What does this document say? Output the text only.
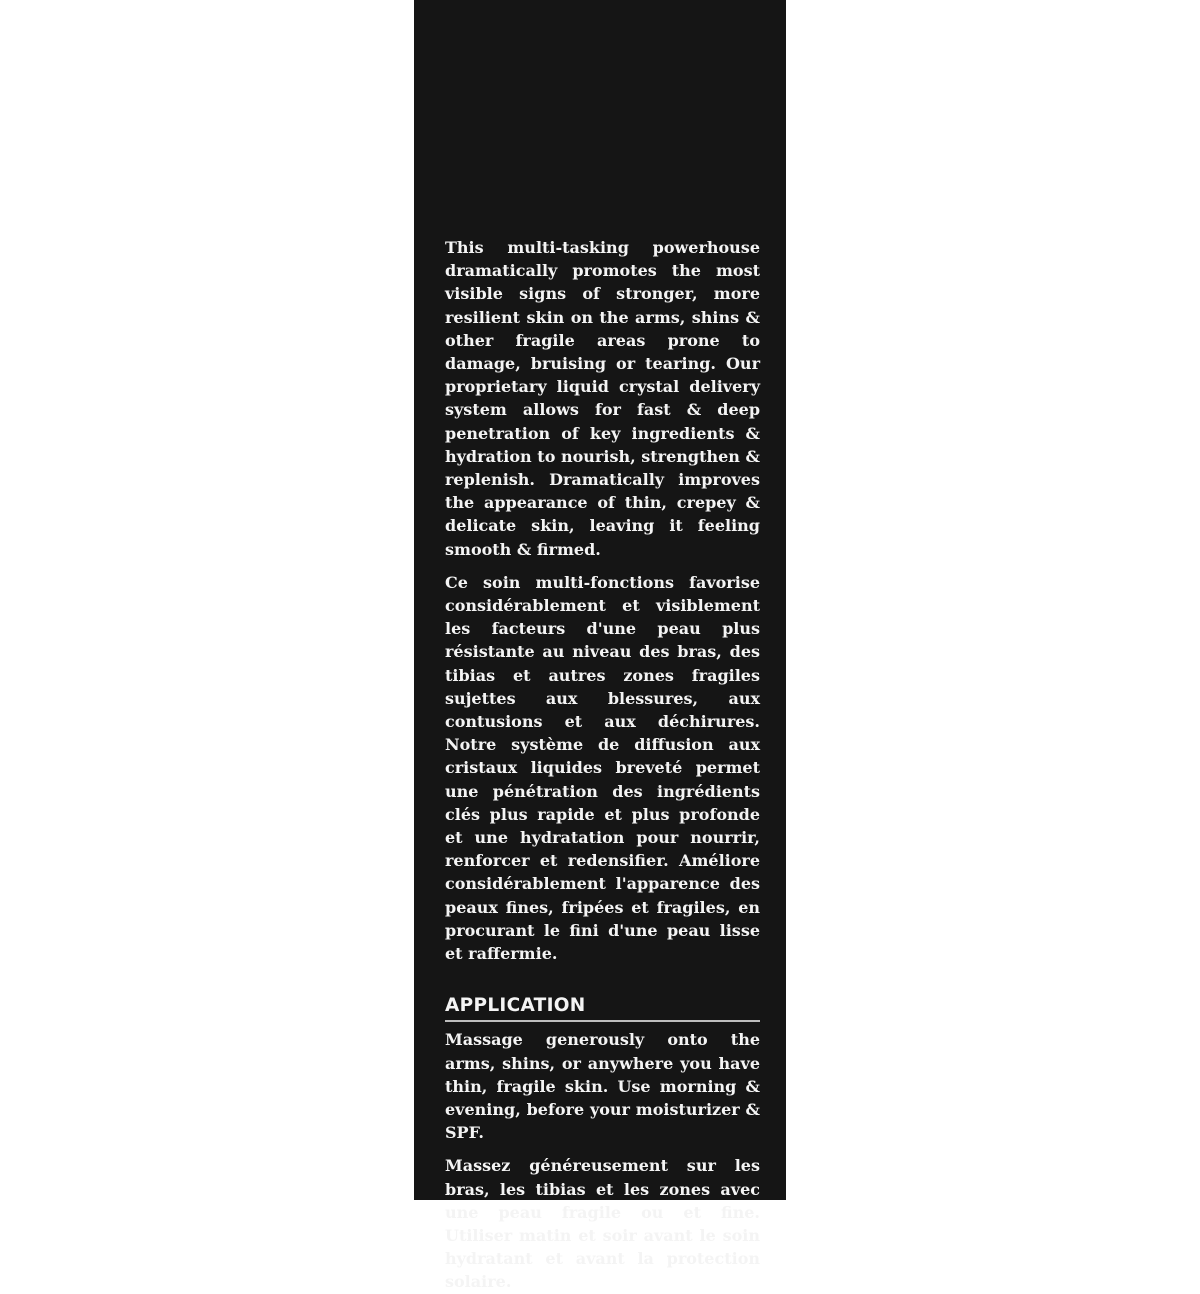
This multi-tasking powerhouse dramatically promotes the most visible signs of stronger, more resilient skin on the arms, shins & other fragile areas prone to damage, bruising or tearing. Our proprietary liquid crystal delivery system allows for fast & deep penetration of key ingredients & hydration to nourish, strengthen & replenish. Dramatically improves the appearance of thin, crepey & delicate skin, leaving it feeling smooth & firmed.

Ce soin multi-fonctions favorise considérablement et visiblement les facteurs d'une peau plus résistante au niveau des bras, des tibias et autres zones fragiles sujettes aux blessures, aux contusions et aux déchirures. Notre système de diffusion aux cristaux liquides breveté permet une pénétration des ingrédients clés plus rapide et plus profonde et une hydratation pour nourrir, renforcer et redensifier. Améliore considérablement l'apparence des peaux fines, fripées et fragiles, en procurant le fini d'une peau lisse et raffermie.

APPLICATION

Massage generously onto the arms, shins, or anywhere you have thin, fragile skin. Use morning & evening, before your moisturizer & SPF.

Massez généreusement sur les bras, les tibias et les zones avec une peau fragile ou et fine. Utiliser matin et soir avant le soin hydratant et avant la protection solaire.
